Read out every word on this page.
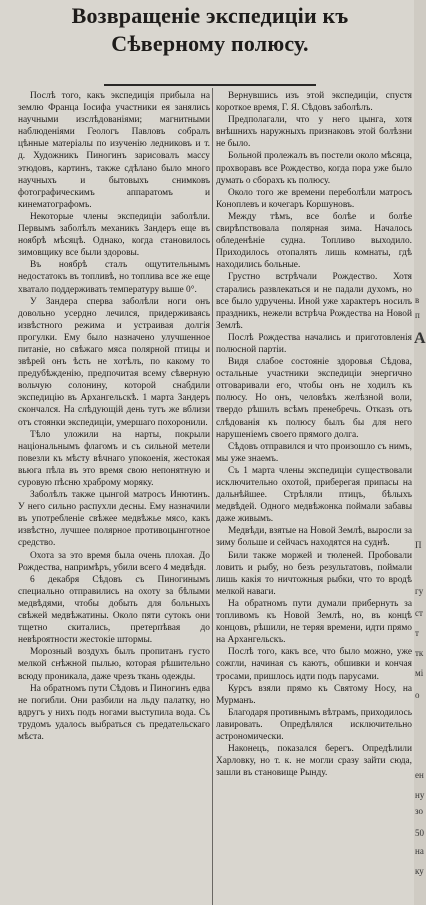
Возвращеніе экспедиціи къ Сѣверному полюсу.

Послѣ того, какъ экспедиція прибыла на землю Франца Іосифа участники ея занялись научными изслѣдованіями; магнитными наблюденіями Геологъ Павловъ собралъ цѣнные матеріалы по изученію ледниковъ и т. д. Художникъ Пиногинъ зарисовалъ массу этюдовъ, картинъ, также сдѣлано было много научныхъ и бытовыхъ снимковъ фотографическимъ аппаратомъ и кинематографомъ.

Некоторые члены экспедиціи заболѣли. Первымъ заболѣлъ механикъ Зандеръ еще въ ноябрѣ мѣсяцѣ. Однако, когда становилось зимовщику все были здоровы.

Въ ноябрѣ сталъ ощутительнымъ недостатокъ въ топливѣ, но топлива все же еще хватало поддерживать температуру выше 0°.

У Зандера сперва заболѣли ноги онъ довольно усердно лечился, придерживаясь извѣстного режима и устраивая долгія прогулки. Ему было назначено улучшенное питаніе, но свѣжаго мяса полярной птицы и звѣрей онъ ѣсть не хотѣлъ, по какому то предубѣжденію, предпочитая всему сѣверную вольчую солонину, которой снабдили экспедицію въ Архангельскѣ. 1 марта Зандеръ скончался. На слѣдующій день тутъ же вблизи отъ стоянки экспедиціи, умершаго похоронили.

Тѣло уложили на нарты, покрыли національнымъ флагомъ и съ сильной метели повезли къ мѣсту вѣчнаго упокоенія, жестокая вьюга пѣла въ это время свою непонятную и суровую пѣсню храброму моряку.

Заболѣлъ также цынгой матросъ Инютинъ. У него сильно распухли десны. Ему назначили въ употребленіе свѣжее медвѣжье мясо, какъ извѣстно, лучшее полярное противоцынготное средство.

Охота за это время была очень плохая. До Рождества, напримѣръ, убили всего 4 медвѣдя.

6 декабря Сѣдовъ съ Пиногинымъ специально отправились на охоту за бѣлыми медвѣдями, чтобы добыть для больныхъ свѣжей медвѣжатины. Около пяти сутокъ они тщетно скитались, претерпѣвая до невѣроятности жестокіе штормы.

Морозный воздухъ былъ пропитанъ густо мелкой снѣжной пылью, которая рѣшительно всюду проникала, даже чрезъ ткань одежды.

На обратномъ пути Сѣдовъ и Пиногинъ едва не погибли. Они разбили на льду палатку, но вдругъ у нихъ подъ ногами выступила вода. Съ трудомъ удалось выбраться съ предательскаго мѣста.

Вернувшись изъ этой экспедиціи, спустя короткое время, Г. Я. Сѣдовъ заболѣлъ.

Предполагали, что у него цынга, хотя внѣшнихъ наружныхъ признаковъ этой болѣзни не было.

Больной пролежалъ въ постели около мѣсяца, прохворавъ все Рождество, когда пора уже было думать о сборахъ къ полюсу.

Около того же времени переболѣли матросъ Коноплевъ и кочегаръ Коршуновъ.

Между тѣмъ, все болѣе и болѣе свирѣпствовала полярная зима. Началось обледенѣніе судна. Топливо выходило. Приходилось отопалять лишь комнаты, гдѣ находились больные.

Грустно встрѣчали Рождество. Хотя старались развлекаться и не падали духомъ, но все было удручены. Иной уже характеръ носилъ праздникъ, нежели встрѣча Рождества на Новой Землѣ.

Послѣ Рождества начались и приготовленія полюсной партіи.

Видя слабое состояніе здоровья Сѣдова, остальные участники экспедиціи энергично отговаривали его, чтобы онъ не ходилъ къ полюсу. Но онъ, человѣкъ желѣзной воли, твердо рѣшилъ всѣмъ пренебречь. Отказъ отъ слѣдованія къ полюсу былъ бы для него нарушеніемъ своего прямого долга.

Сѣдовъ отправился и что произошло съ нимъ, мы уже знаемъ.

Съ 1 марта члены экспедиціи существовали исключительно охотой, приберегая припасы на дальнѣйшее. Стрѣляли птицъ, бѣлыхъ медвѣдей. Одного медвѣжонка поймали забавы даже живымъ.

Медвѣди, взятые на Новой Землѣ, выросли за зиму больше и сейчасъ находятся на суднѣ.

Били также моржей и тюленей. Пробовали ловить и рыбу, но безъ результатовъ, поймали лишь какія то ничтожныя рыбки, что то вродѣ мелкой наваги.

На обратномъ пути думали прибернуть за топливомъ къ Новой Землѣ, но, въ концѣ концовъ, рѣшили, не теряя времени, идти прямо на Архангельскъ.

Послѣ того, какъ все, что было можно, уже сожгли, начиная съ каютъ, обшивки и кончая тросами, пришлось идти подъ парусами.

Курсъ взяли прямо къ Святому Носу, на Мурманъ.

Благодаря противнымъ вѣтрамъ, приходилось лавировать. Опредѣлялся исключительно астрономически.

Наконецъ, показался берегъ. Опредѣлили Харловку, но т. к. не могли сразу зайти сюда, зашли въ становище Рынду.

в
п
А
П
гу
ст
т
тк
мі
о
ен
ну
зо
50
на
ку
